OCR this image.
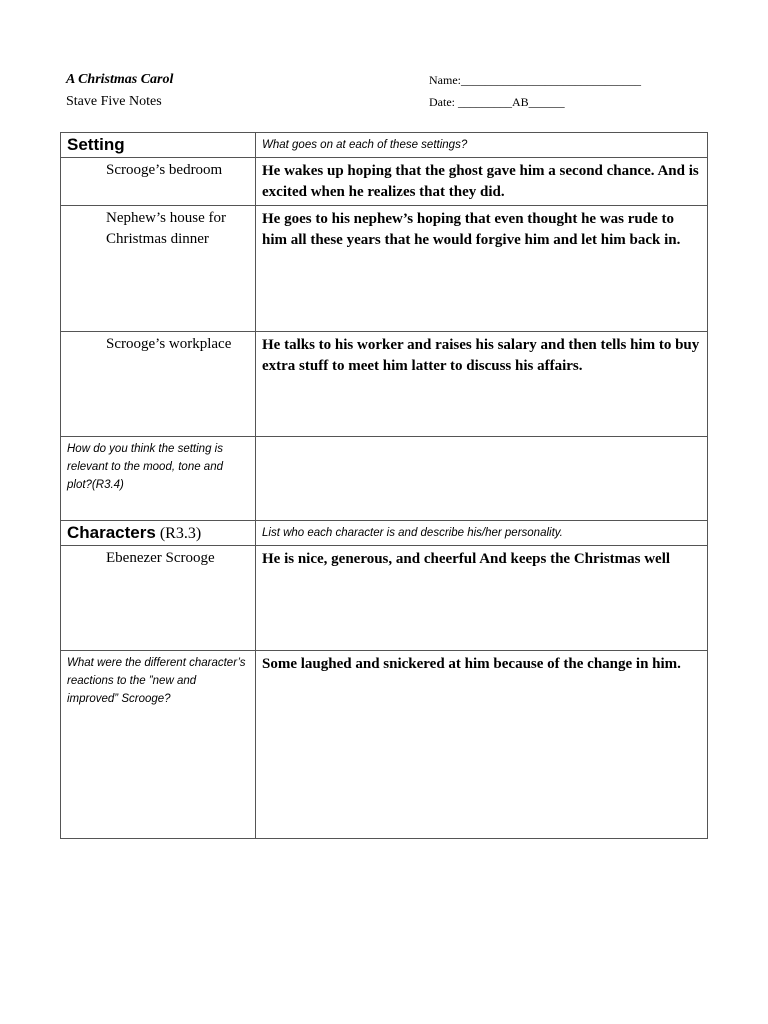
A Christmas Carol
Stave Five Notes
Name:______________________________
Date: _________AB______
Setting	What goes on at each of these settings?
Scrooge’s bedroom	He wakes up hoping that the ghost gave him a second chance. And is excited when he realizes that they did.
Nephew’s house for Christmas dinner	He goes to his nephew’s hoping that even thought he was rude to him all these years that he would forgive him and let him back in.
Scrooge’s workplace	He talks to his worker and raises his salary and then tells him to buy extra stuff to meet him latter to discuss his affairs.
How do you think the setting is relevant to the mood, tone and plot?(R3.4)	
Characters (R3.3)	List who each character is and describe his/her personality.
Ebenezer Scrooge	He is nice, generous, and cheerful And keeps the Christmas well
What were the different character’s reactions to the ”new and improved” Scrooge?	Some laughed and snickered at him because of the change in him.
